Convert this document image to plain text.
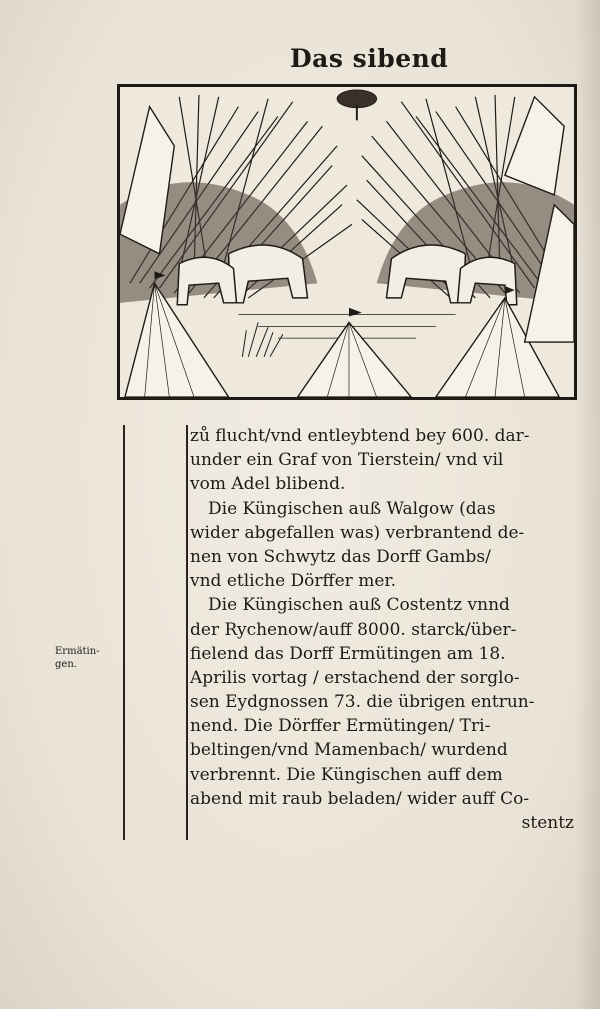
Das sibend
Ermätin-
gen.
zů flucht/vnd entleybtend bey 600. dar-
under ein Graf von Tierstein/ vnd vil
vom Adel blibend.
Die Küngischen auß Walgow (das
wider abgefallen was) verbrantend de-
nen von Schwytz das Dorff Gambs/
vnd etliche Dörffer mer.
Die Küngischen auß Costentz vnnd
der Rychenow/auff 8000. starck/über-
fielend das Dorff Ermütingen am 18.
Aprilis vortag / erstachend der sorglo-
sen Eydgnossen 73. die übrigen entrun-
nend. Die Dörffer Ermütingen/ Tri-
beltingen/vnd Mamenbach/ wurdend
verbrennt. Die Küngischen auff dem
abend mit raub beladen/ wider auff Co-
stentz
